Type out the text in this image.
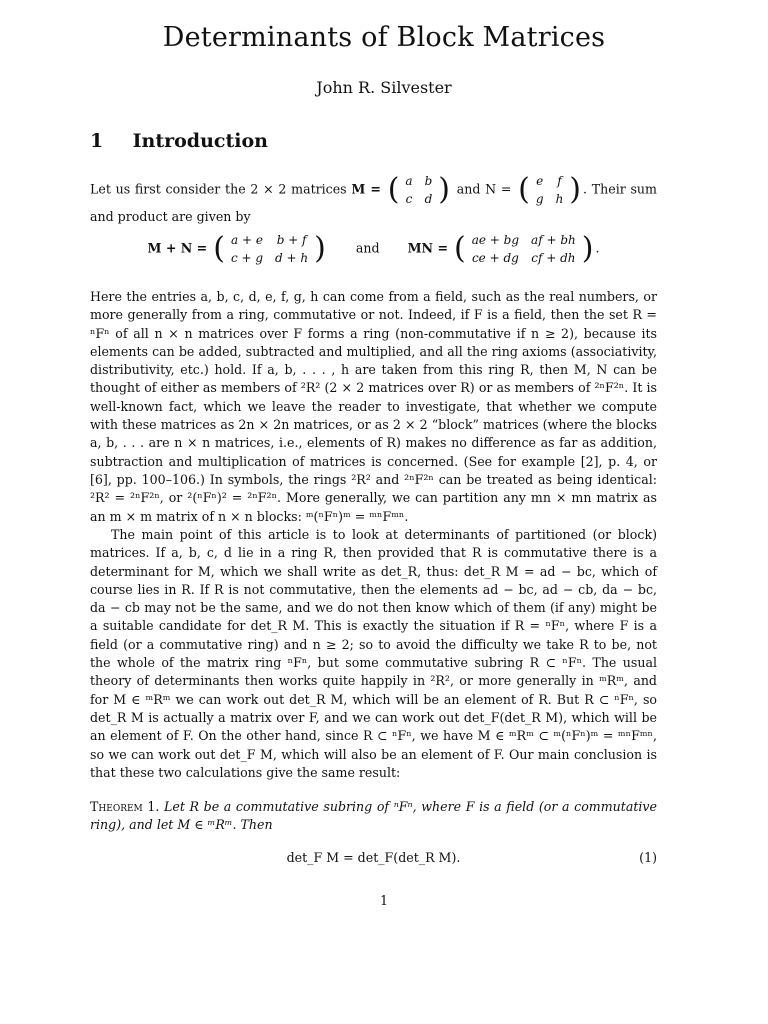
Determinants of Block Matrices
John R. Silvester
1 Introduction
Let us first consider the 2 × 2 matrices M = ( a	b
c	d ) and N = ( e	f
g	h ) . Their sum and product are given by
M + N = ( a + e	b + f
c + g	d + h ) and MN = ( ae + bg	af + bh
ce + dg	cf + dh ) .
Here the entries a, b, c, d, e, f, g, h can come from a field, such as the real numbers, or more generally from a ring, commutative or not. Indeed, if F is a field, then the set R = ⁿFⁿ of all n × n matrices over F forms a ring (non-commutative if n ≥ 2), because its elements can be added, subtracted and multiplied, and all the ring axioms (associativity, distributivity, etc.) hold. If a, b, . . . , h are taken from this ring R, then M, N can be thought of either as members of ²R² (2 × 2 matrices over R) or as members of ²ⁿF²ⁿ. It is well-known fact, which we leave the reader to investigate, that whether we compute with these matrices as 2n × 2n matrices, or as 2 × 2 “block” matrices (where the blocks a, b, . . . are n × n matrices, i.e., elements of R) makes no difference as far as addition, subtraction and multiplication of matrices is concerned. (See for example [2], p. 4, or [6], pp. 100–106.) In symbols, the rings ²R² and ²ⁿF²ⁿ can be treated as being identical: ²R² = ²ⁿF²ⁿ, or ²(ⁿFⁿ)² = ²ⁿF²ⁿ. More generally, we can partition any mn × mn matrix as an m × m matrix of n × n blocks: ᵐ(ⁿFⁿ)ᵐ = ᵐⁿFᵐⁿ.
The main point of this article is to look at determinants of partitioned (or block) matrices. If a, b, c, d lie in a ring R, then provided that R is commutative there is a determinant for M, which we shall write as det_R, thus: det_R M = ad − bc, which of course lies in R. If R is not commutative, then the elements ad − bc, ad − cb, da − bc, da − cb may not be the same, and we do not then know which of them (if any) might be a suitable candidate for det_R M. This is exactly the situation if R = ⁿFⁿ, where F is a field (or a commutative ring) and n ≥ 2; so to avoid the difficulty we take R to be, not the whole of the matrix ring ⁿFⁿ, but some commutative subring R ⊂ ⁿFⁿ. The usual theory of determinants then works quite happily in ²R², or more generally in ᵐRᵐ, and for M ∈ ᵐRᵐ we can work out det_R M, which will be an element of R. But R ⊂ ⁿFⁿ, so det_R M is actually a matrix over F, and we can work out det_F(det_R M), which will be an element of F. On the other hand, since R ⊂ ⁿFⁿ, we have M ∈ ᵐRᵐ ⊂ ᵐ(ⁿFⁿ)ᵐ = ᵐⁿFᵐⁿ, so we can work out det_F M, which will also be an element of F. Our main conclusion is that these two calculations give the same result:
Theorem 1. Let R be a commutative subring of ⁿFⁿ, where F is a field (or a commutative ring), and let M ∈ ᵐRᵐ. Then
det_F M = det_F(det_R M).	(1)
1
